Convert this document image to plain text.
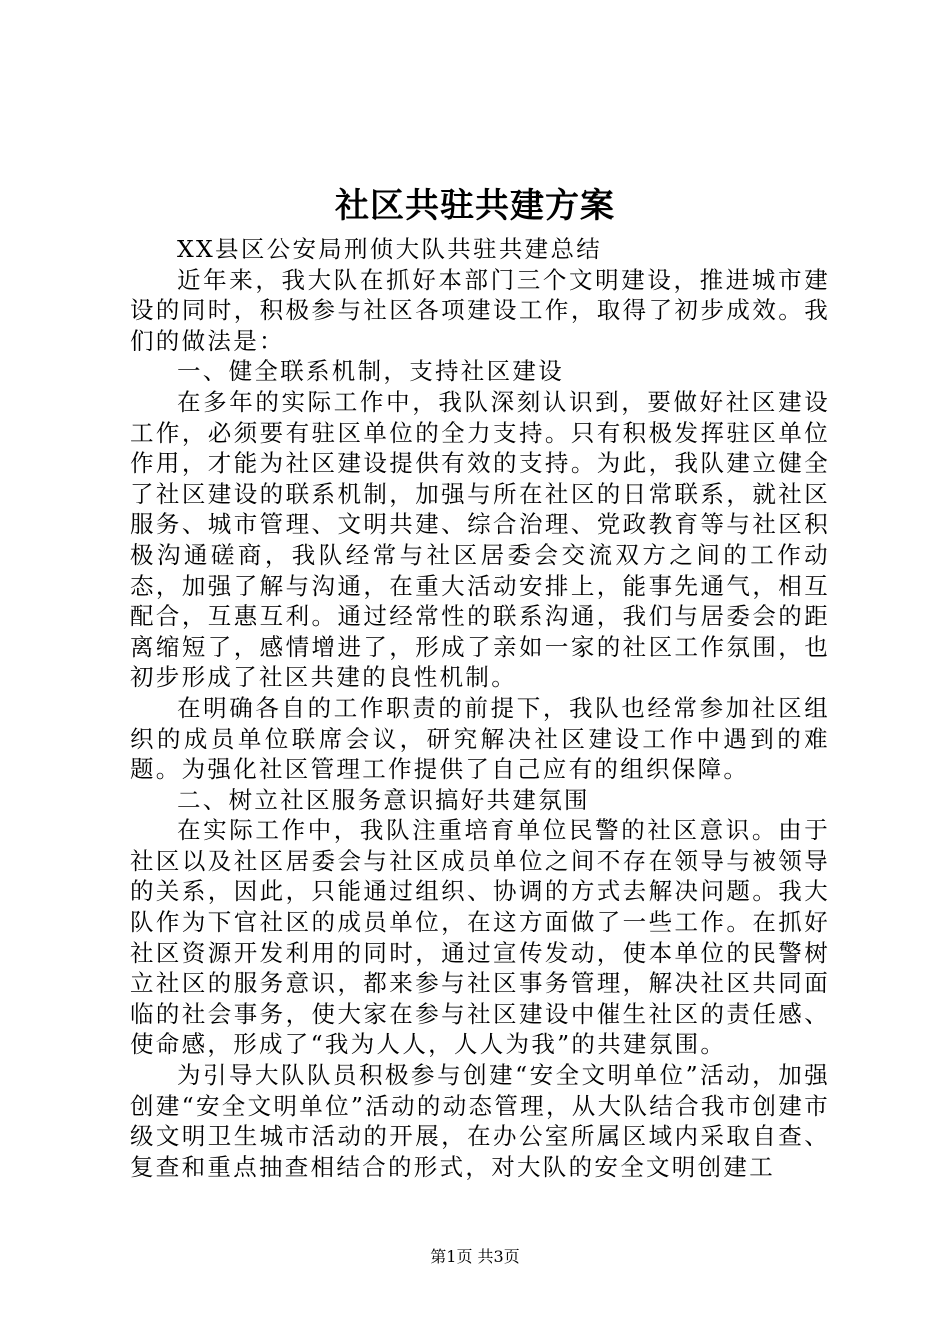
社区共驻共建方案

XX县区公安局刑侦大队共驻共建总结

近年来，我大队在抓好本部门三个文明建设，推进城市建设的同时，积极参与社区各项建设工作，取得了初步成效。我们的做法是：

一、健全联系机制，支持社区建设

在多年的实际工作中，我队深刻认识到，要做好社区建设工作，必须要有驻区单位的全力支持。只有积极发挥驻区单位作用，才能为社区建设提供有效的支持。为此，我队建立健全了社区建设的联系机制，加强与所在社区的日常联系，就社区服务、城市管理、文明共建、综合治理、党政教育等与社区积极沟通磋商，我队经常与社区居委会交流双方之间的工作动态，加强了解与沟通，在重大活动安排上，能事先通气，相互配合，互惠互利。通过经常性的联系沟通，我们与居委会的距离缩短了，感情增进了，形成了亲如一家的社区工作氛围，也初步形成了社区共建的良性机制。

在明确各自的工作职责的前提下，我队也经常参加社区组织的成员单位联席会议，研究解决社区建设工作中遇到的难题。为强化社区管理工作提供了自己应有的组织保障。

二、树立社区服务意识搞好共建氛围

在实际工作中，我队注重培育单位民警的社区意识。由于社区以及社区居委会与社区成员单位之间不存在领导与被领导的关系，因此，只能通过组织、协调的方式去解决问题。我大队作为下官社区的成员单位，在这方面做了一些工作。在抓好社区资源开发利用的同时，通过宣传发动，使本单位的民警树立社区的服务意识，都来参与社区事务管理，解决社区共同面临的社会事务，使大家在参与社区建设中催生社区的责任感、使命感，形成了“我为人人，人人为我”的共建氛围。

为引导大队队员积极参与创建“安全文明单位”活动，加强创建“安全文明单位”活动的动态管理，从大队结合我市创建市级文明卫生城市活动的开展，在办公室所属区域内采取自查、复查和重点抽查相结合的形式，对大队的安全文明创建工

第1页 共3页
